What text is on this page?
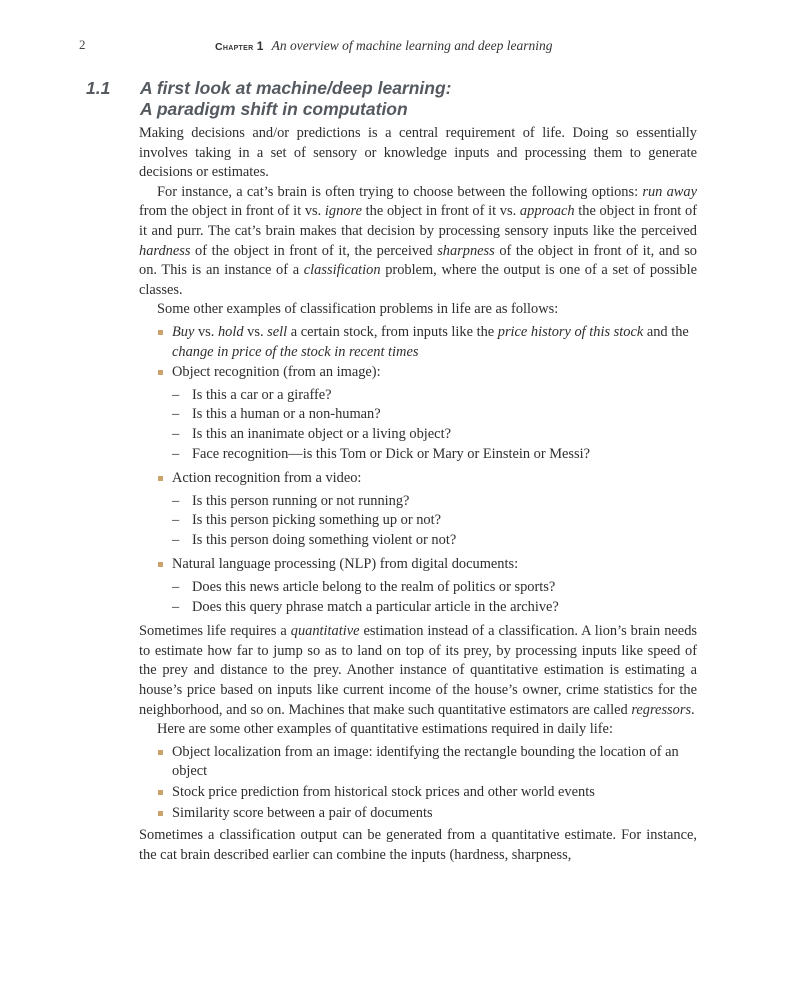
2	Chapter 1 An overview of machine learning and deep learning
1.1 A first look at machine/deep learning:
A paradigm shift in computation

Making decisions and/or predictions is a central requirement of life. Doing so essentially involves taking in a set of sensory or knowledge inputs and processing them to generate decisions or estimates.

For instance, a cat’s brain is often trying to choose between the following options: run away from the object in front of it vs. ignore the object in front of it vs. approach the object in front of it and purr. The cat’s brain makes that decision by processing sensory inputs like the perceived hardness of the object in front of it, the perceived sharpness of the object in front of it, and so on. This is an instance of a classification problem, where the output is one of a set of possible classes.

Some other examples of classification problems in life are as follows:

Buy vs. hold vs. sell a certain stock, from inputs like the price history of this stock and the change in price of the stock in recent times
Object recognition (from an image):
– Is this a car or a giraffe?
– Is this a human or a non-human?
– Is this an inanimate object or a living object?
– Face recognition—is this Tom or Dick or Mary or Einstein or Messi?
Action recognition from a video:
– Is this person running or not running?
– Is this person picking something up or not?
– Is this person doing something violent or not?
Natural language processing (NLP) from digital documents:
– Does this news article belong to the realm of politics or sports?
– Does this query phrase match a particular article in the archive?

Sometimes life requires a quantitative estimation instead of a classification. A lion’s brain needs to estimate how far to jump so as to land on top of its prey, by processing inputs like speed of the prey and distance to the prey. Another instance of quantitative estimation is estimating a house’s price based on inputs like current income of the house’s owner, crime statistics for the neighborhood, and so on. Machines that make such quantitative estimators are called regressors.

Here are some other examples of quantitative estimations required in daily life:

Object localization from an image: identifying the rectangle bounding the location of an object
Stock price prediction from historical stock prices and other world events
Similarity score between a pair of documents

Sometimes a classification output can be generated from a quantitative estimate. For instance, the cat brain described earlier can combine the inputs (hardness, sharpness,
